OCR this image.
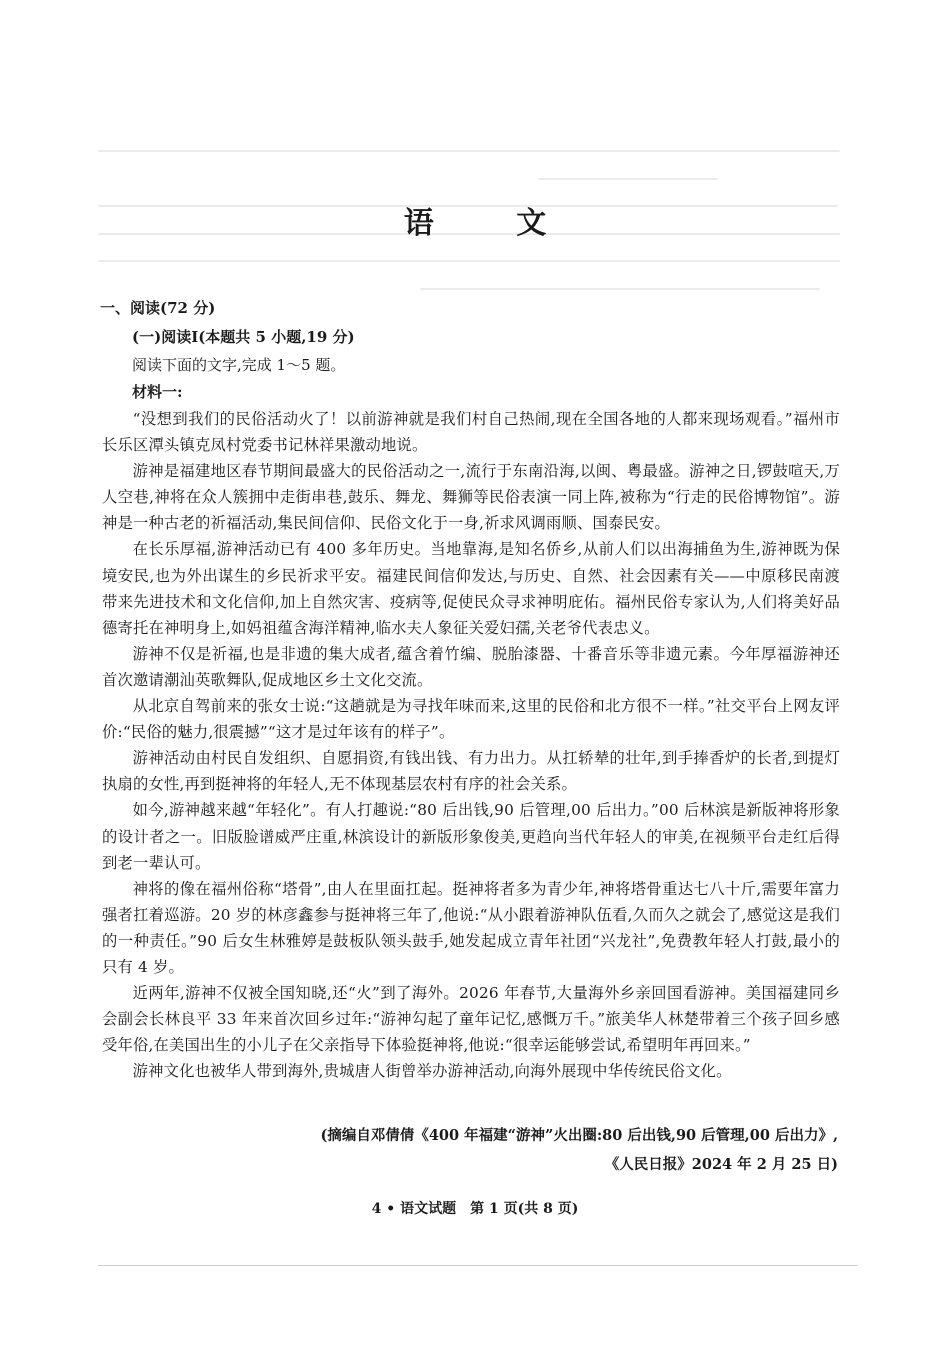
语 文
一、阅读(72 分)
(一)阅读Ⅰ(本题共 5 小题,19 分)
阅读下面的文字,完成 1～5 题。
材料一:

“没想到我们的民俗活动火了！以前游神就是我们村自己热闹,现在全国各地的人都来现场观看。”福州市长乐区潭头镇克凤村党委书记林祥果激动地说。

游神是福建地区春节期间最盛大的民俗活动之一,流行于东南沿海,以闽、粤最盛。游神之日,锣鼓喧天,万人空巷,神将在众人簇拥中走街串巷,鼓乐、舞龙、舞狮等民俗表演一同上阵,被称为“行走的民俗博物馆”。游神是一种古老的祈福活动,集民间信仰、民俗文化于一身,祈求风调雨顺、国泰民安。

在长乐厚福,游神活动已有 400 多年历史。当地靠海,是知名侨乡,从前人们以出海捕鱼为生,游神既为保境安民,也为外出谋生的乡民祈求平安。福建民间信仰发达,与历史、自然、社会因素有关——中原移民南渡带来先进技术和文化信仰,加上自然灾害、疫病等,促使民众寻求神明庇佑。福州民俗专家认为,人们将美好品德寄托在神明身上,如妈祖蕴含海洋精神,临水夫人象征关爱妇孺,关老爷代表忠义。

游神不仅是祈福,也是非遗的集大成者,蕴含着竹编、脱胎漆器、十番音乐等非遗元素。今年厚福游神还首次邀请潮汕英歌舞队,促成地区乡土文化交流。

从北京自驾前来的张女士说:“这趟就是为寻找年味而来,这里的民俗和北方很不一样。”社交平台上网友评价:“民俗的魅力,很震撼”“这才是过年该有的样子”。

游神活动由村民自发组织、自愿捐资,有钱出钱、有力出力。从扛轿辇的壮年,到手捧香炉的长者,到提灯执扇的女性,再到挺神将的年轻人,无不体现基层农村有序的社会关系。

如今,游神越来越“年轻化”。有人打趣说:“80 后出钱,90 后管理,00 后出力。”00 后林滨是新版神将形象的设计者之一。旧版脸谱威严庄重,林滨设计的新版形象俊美,更趋向当代年轻人的审美,在视频平台走红后得到老一辈认可。

神将的像在福州俗称“塔骨”,由人在里面扛起。挺神将者多为青少年,神将塔骨重达七八十斤,需要年富力强者扛着巡游。20 岁的林彦鑫参与挺神将三年了,他说:“从小跟着游神队伍看,久而久之就会了,感觉这是我们的一种责任。”90 后女生林雅婷是鼓板队领头鼓手,她发起成立青年社团“兴龙社”,免费教年轻人打鼓,最小的只有 4 岁。

近两年,游神不仅被全国知晓,还“火”到了海外。2026 年春节,大量海外乡亲回国看游神。美国福建同乡会副会长林良平 33 年来首次回乡过年:“游神勾起了童年记忆,感慨万千。”旅美华人林楚带着三个孩子回乡感受年俗,在美国出生的小儿子在父亲指导下体验挺神将,他说:“很幸运能够尝试,希望明年再回来。”

游神文化也被华人带到海外,贵城唐人街曾举办游神活动,向海外展现中华传统民俗文化。

(摘编自邓倩倩《400 年福建“游神”火出圈:80 后出钱,90 后管理,00 后出力》,
《人民日报》2024 年 2 月 25 日)
4 • 语文试题　第 1 页(共 8 页)
